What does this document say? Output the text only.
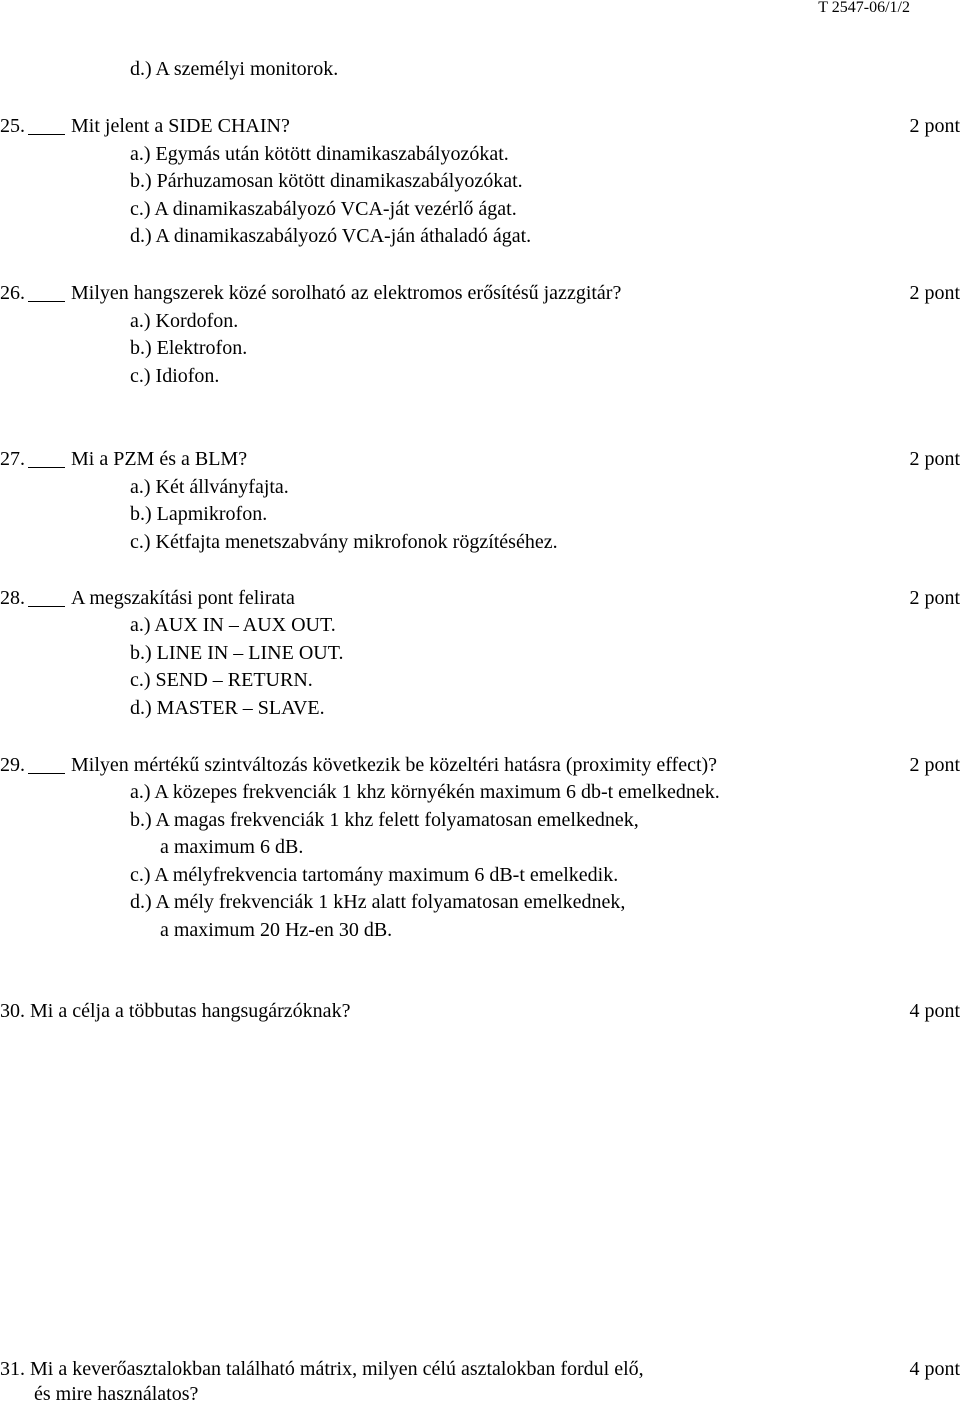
T 2547-06/1/2
d.) A személyi monitorok.
25. Mit jelent a SIDE CHAIN?	2 pont
a.) Egymás után kötött dinamikaszabályozókat.
b.) Párhuzamosan kötött dinamikaszabályozókat.
c.) A dinamikaszabályozó VCA-ját vezérlő ágat.
d.) A dinamikaszabályozó VCA-ján áthaladó ágat.
26. Milyen hangszerek közé sorolható az elektromos erősítésű jazzgitár?	2 pont
a.) Kordofon.
b.) Elektrofon.
c.) Idiofon.
27. Mi a PZM és a BLM?	2 pont
a.) Két állványfajta.
b.) Lapmikrofon.
c.) Kétfajta menetszabvány mikrofonok rögzítéséhez.
28. A megszakítási pont felirata	2 pont
a.) AUX IN – AUX OUT.
b.) LINE IN – LINE OUT.
c.) SEND – RETURN.
d.) MASTER – SLAVE.
29. Milyen mértékű szintváltozás következik be közeltéri hatásra (proximity effect)?	2 pont
a.) A közepes frekvenciák 1 khz környékén maximum 6 db-t emelkednek.
b.) A magas frekvenciák 1 khz felett folyamatosan emelkednek,
a maximum 6 dB.
c.) A mélyfrekvencia tartomány maximum 6 dB-t emelkedik.
d.) A mély frekvenciák 1 kHz alatt folyamatosan emelkednek,
a maximum 20 Hz-en 30 dB.
30. Mi a célja a többutas hangsugárzóknak?	4 pont
31. Mi a keverőasztalokban található mátrix, milyen célú asztalokban fordul elő,	4 pont
és mire használatos?
